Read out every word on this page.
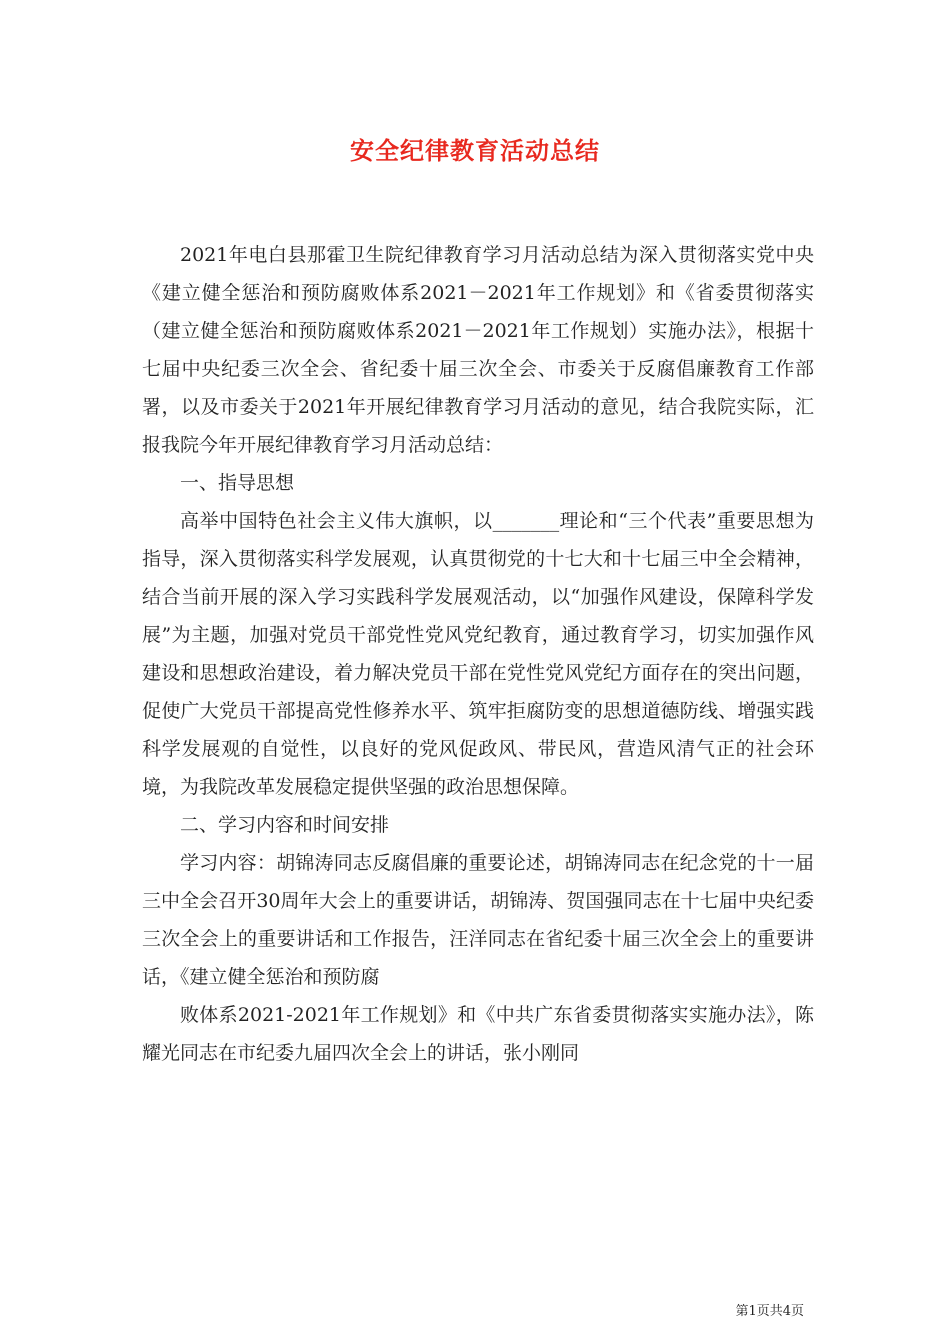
安全纪律教育活动总结

2021年电白县那霍卫生院纪律教育学习月活动总结为深入贯彻落实党中央《建立健全惩治和预防腐败体系2021－2021年工作规划》和《省委贯彻落实（建立健全惩治和预防腐败体系2021－2021年工作规划）实施办法》，根据十七届中央纪委三次全会、省纪委十届三次全会、市委关于反腐倡廉教育工作部署，以及市委关于2021年开展纪律教育学习月活动的意见，结合我院实际，汇报我院今年开展纪律教育学习月活动总结：

一、指导思想

高举中国特色社会主义伟大旗帜，以_______理论和“三个代表”重要思想为指导，深入贯彻落实科学发展观，认真贯彻党的十七大和十七届三中全会精神，结合当前开展的深入学习实践科学发展观活动，以“加强作风建设，保障科学发展”为主题，加强对党员干部党性党风党纪教育，通过教育学习，切实加强作风建设和思想政治建设，着力解决党员干部在党性党风党纪方面存在的突出问题，促使广大党员干部提高党性修养水平、筑牢拒腐防变的思想道德防线、增强实践科学发展观的自觉性，以良好的党风促政风、带民风，营造风清气正的社会环境，为我院改革发展稳定提供坚强的政治思想保障。

二、学习内容和时间安排

学习内容：胡锦涛同志反腐倡廉的重要论述，胡锦涛同志在纪念党的十一届三中全会召开30周年大会上的重要讲话，胡锦涛、贺国强同志在十七届中央纪委三次全会上的重要讲话和工作报告，汪洋同志在省纪委十届三次全会上的重要讲话，《建立健全惩治和预防腐

败体系2021-2021年工作规划》和《中共广东省委贯彻落实实施办法》，陈耀光同志在市纪委九届四次全会上的讲话，张小刚同

第1页共4页
